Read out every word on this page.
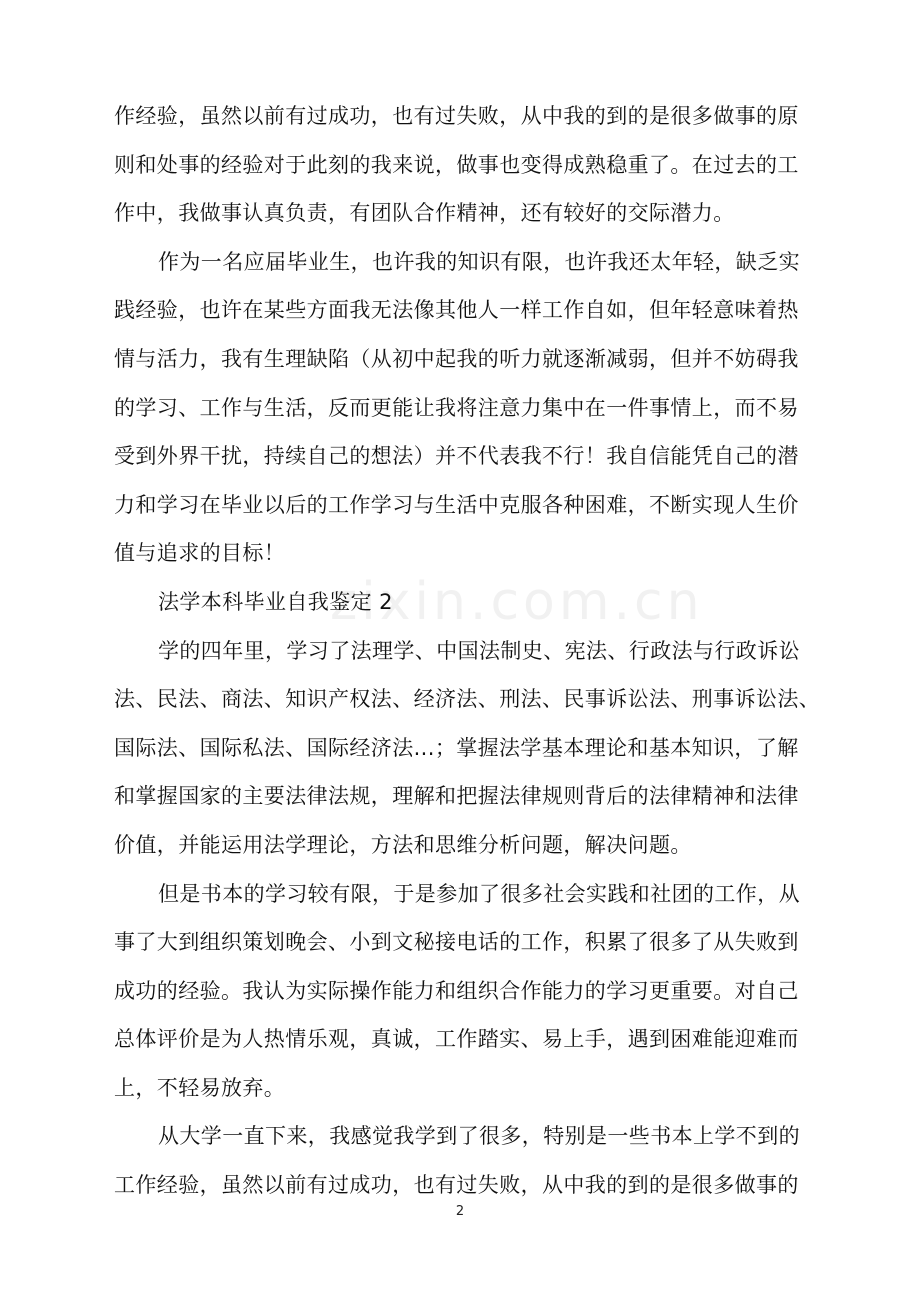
zixin.com.cn
作经验，虽然以前有过成功，也有过失败，从中我的到的是很多做事的原
则和处事的经验对于此刻的我来说，做事也变得成熟稳重了。在过去的工
作中，我做事认真负责，有团队合作精神，还有较好的交际潜力。
作为一名应届毕业生，也许我的知识有限，也许我还太年轻，缺乏实
践经验，也许在某些方面我无法像其他人一样工作自如，但年轻意味着热
情与活力，我有生理缺陷（从初中起我的听力就逐渐减弱，但并不妨碍我
的学习、工作与生活，反而更能让我将注意力集中在一件事情上，而不易
受到外界干扰，持续自己的想法）并不代表我不行！我自信能凭自己的潜
力和学习在毕业以后的工作学习与生活中克服各种困难，不断实现人生价
值与追求的目标！
法学本科毕业自我鉴定 2
学的四年里，学习了法理学、中国法制史、宪法、行政法与行政诉讼
法、民法、商法、知识产权法、经济法、刑法、民事诉讼法、刑事诉讼法、
国际法、国际私法、国际经济法...；掌握法学基本理论和基本知识，了解
和掌握国家的主要法律法规，理解和把握法律规则背后的法律精神和法律
价值，并能运用法学理论，方法和思维分析问题，解决问题。
但是书本的学习较有限，于是参加了很多社会实践和社团的工作，从
事了大到组织策划晚会、小到文秘接电话的工作，积累了很多了从失败到
成功的经验。我认为实际操作能力和组织合作能力的学习更重要。对自己
总体评价是为人热情乐观，真诚，工作踏实、易上手，遇到困难能迎难而
上，不轻易放弃。
从大学一直下来，我感觉我学到了很多，特别是一些书本上学不到的
工作经验，虽然以前有过成功，也有过失败，从中我的到的是很多做事的
2
